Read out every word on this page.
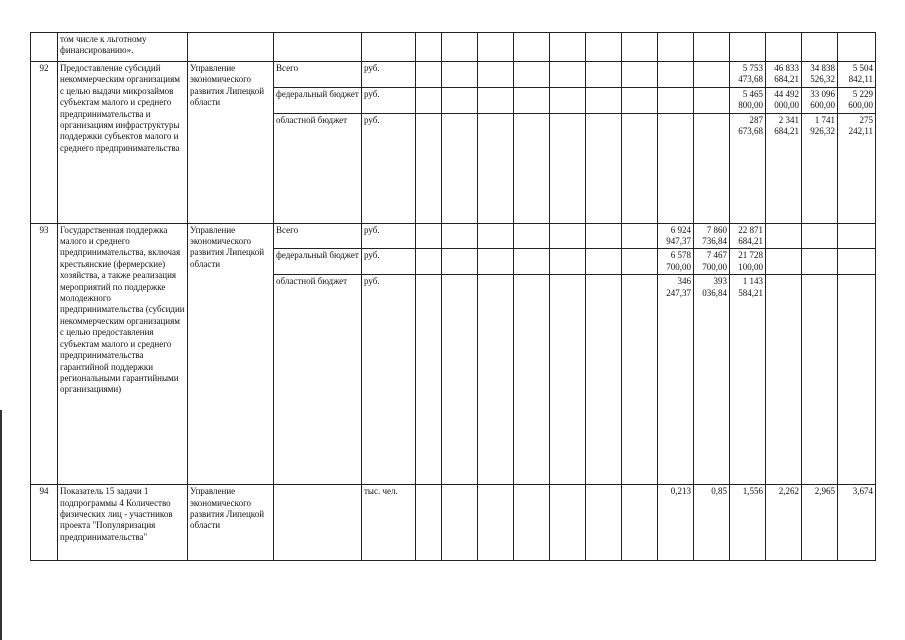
	том числе к льготному финансированию».																
92	Предоставление субсидий некоммерческим организациям с целью выдачи микрозаймов субъектам малого и среднего предпринимательства и организациям инфраструктуры поддержки субъектов малого и среднего предпринимательства	Управление экономического развития Липецкой области	Всего	руб.										5 753 473,68	46 833 684,21	34 838 526,32	5 504 842,11
			федеральный бюджет	руб.										5 465 800,00	44 492 000,00	33 096 600,00	5 229 600,00
			областной бюджет	руб.										287 673,68	2 341 684,21	1 741 926,32	275 242,11
93	Государственная поддержка малого и среднего предпринимательства, включая крестьянские (фермерские) хозяйства, а также реализация мероприятий по поддержке молодежного предпринимательства (субсидии некоммерческим организациям с целью предоставления субъектам малого и среднего предпринимательства гарантийной поддержки региональными гарантийными организациями)	Управление экономического развития Липецкой области	Всего	руб.								6 924 947,37	7 860 736,84	22 871 684,21			
			федеральный бюджет	руб.								6 578 700,00	7 467 700,00	21 728 100,00			
			областной бюджет	руб.								346 247,37	393 036,84	1 143 584,21			
94	Показатель 15 задачи 1 подпрограммы 4 Количество физических лиц - участников проекта "Популяризация предпринимательства"	Управление экономического развития Липецкой области		тыс. чел.								0,213	0,85	1,556	2,262	2,965	3,674
